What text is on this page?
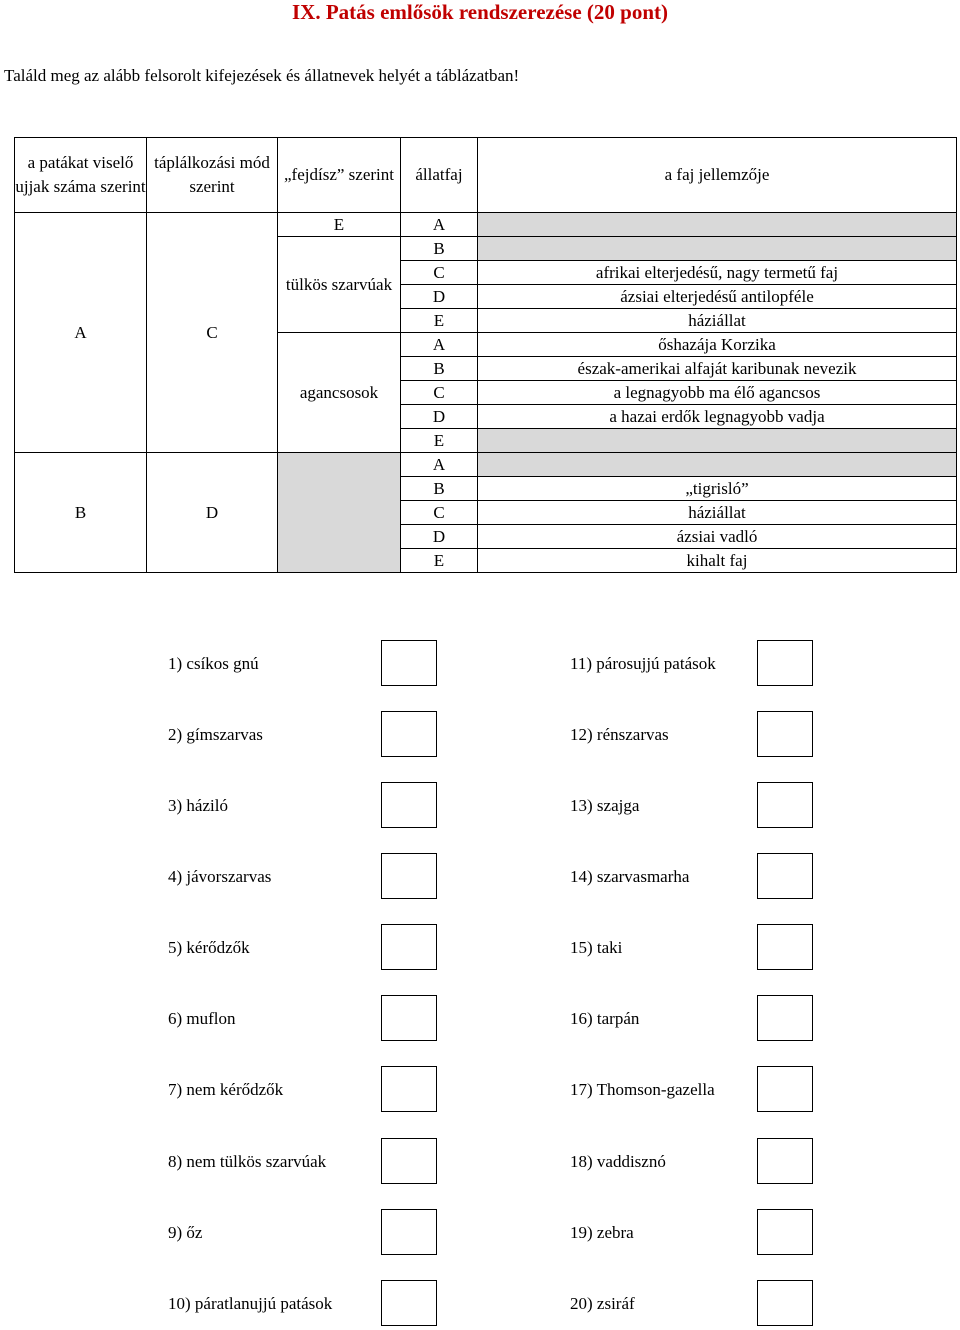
IX. Patás emlősök rendszerezése (20 pont)
Találd meg az alább felsorolt kifejezések és állatnevek helyét a táblázatban!
a patákat viselő ujjak száma szerint	táplálkozási mód szerint	„fejdísz” szerint	állatfaj	a faj jellemzője
A	C	E	A	
		tülkös szarvúak	B	
			C	afrikai elterjedésű, nagy termetű faj
			D	ázsiai elterjedésű antilopféle
			E	háziállat
		agancsosok	A	őshazája Korzika
			B	észak-amerikai alfaját karibunak nevezik
			C	a legnagyobb ma élő agancsos
			D	a hazai erdők legnagyobb vadja
			E	
B	D		A	
			B	„tigrisló”
			C	háziállat
			D	ázsiai vadló
			E	kihalt faj
1) csíkos gnú
2) gímszarvas
3) háziló
4) jávorszarvas
5) kérődzők
6) muflon
7) nem kérődzők
8) nem tülkös szarvúak
9) őz
10) páratlanujjú patások
11) párosujjú patások
12) rénszarvas
13) szajga
14) szarvasmarha
15) taki
16) tarpán
17) Thomson-gazella
18) vaddisznó
19) zebra
20) zsiráf
